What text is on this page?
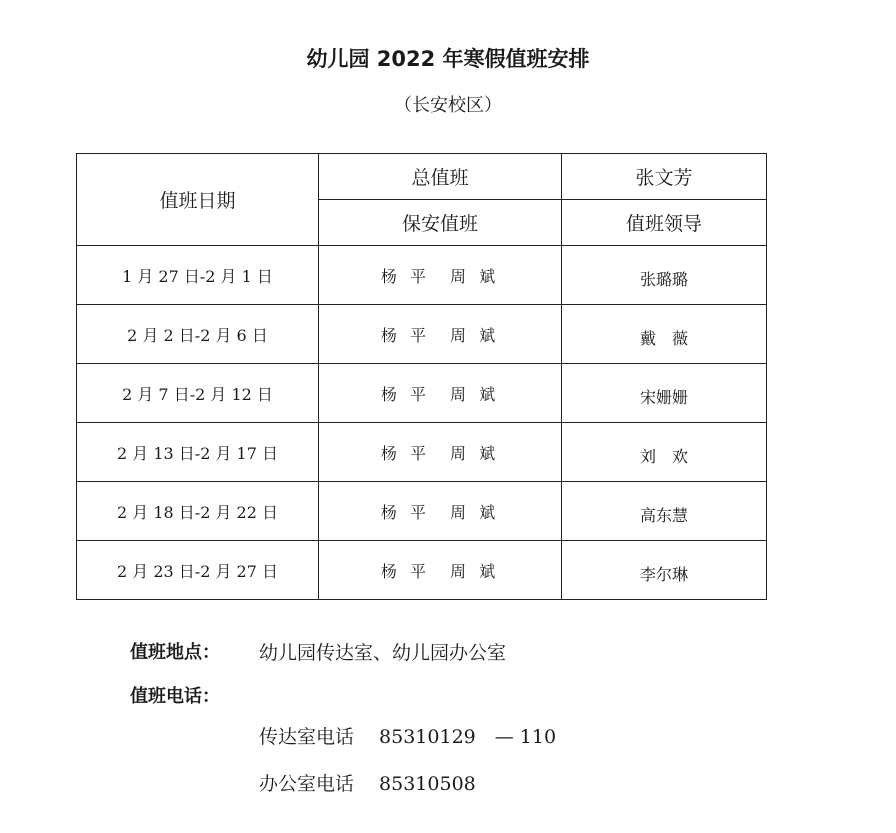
幼儿园 2022 年寒假值班安排
（长安校区）
值班日期	总值班	张文芳
	保安值班	值班领导
1 月 27 日-2 月 1 日	杨 平　周 斌	张璐璐
2 月 2 日-2 月 6 日	杨 平　周 斌	戴　薇
2 月 7 日-2 月 12 日	杨 平　周 斌	宋姗姗
2 月 13 日-2 月 17 日	杨 平　周 斌	刘　欢
2 月 18 日-2 月 22 日	杨 平　周 斌	高东慧
2 月 23 日-2 月 27 日	杨 平　周 斌	李尔琳
值班地点： 幼儿园传达室、幼儿园办公室
值班电话：
传达室电话　 85310129　— 110
办公室电话　 85310508
